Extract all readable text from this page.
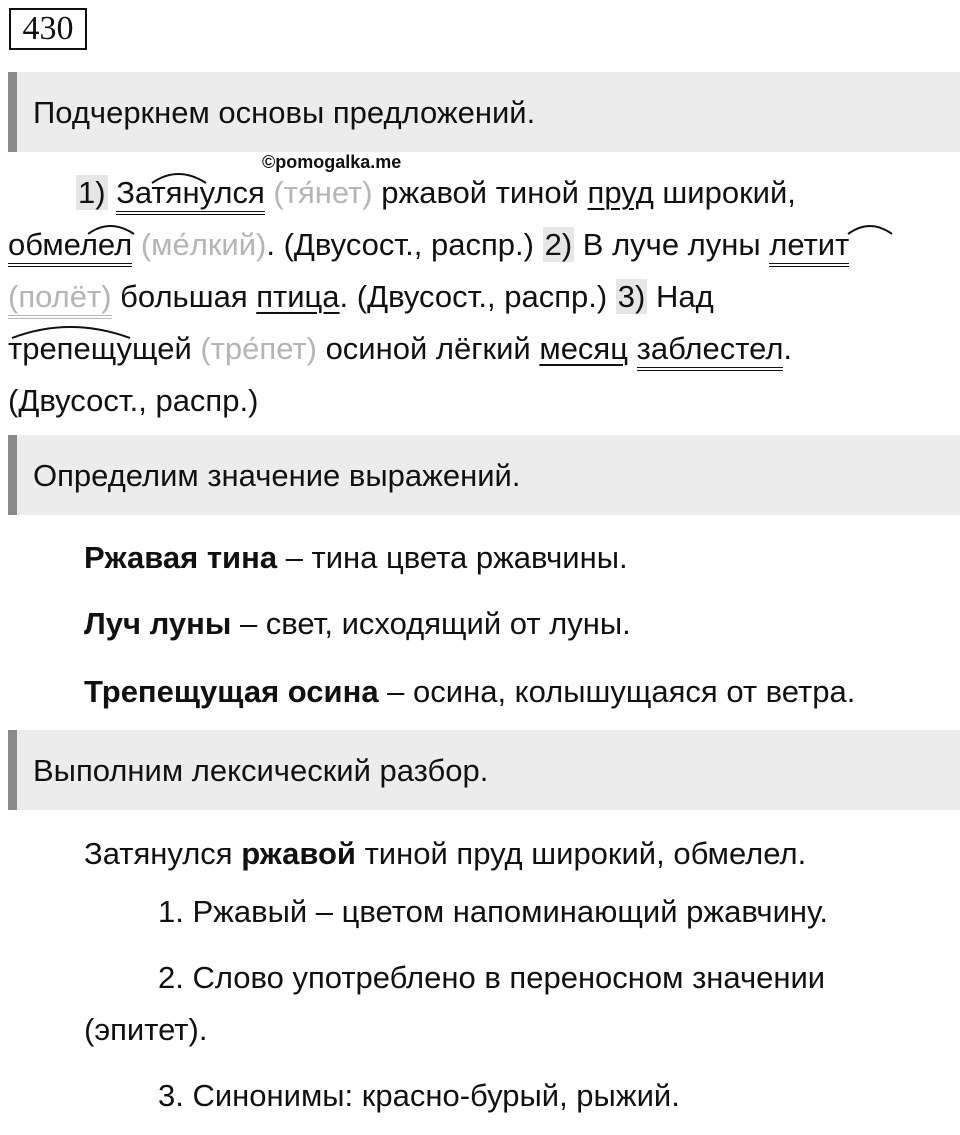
430
Подчеркнем основы предложений.
©pomogalka.me
1) Затянулся (тя́нет) ржавой тиной пруд широкий,
обмелел (ме́лкий). (Двусост., распр.) 2) В луче луны летит
(полёт) большая птица. (Двусост., распр.) 3) Над
трепещущей (тре́пет) осиной лёгкий месяц заблестел.
(Двусост., распр.)
Определим значение выражений.
Ржавая тина – тина цвета ржавчины.
Луч луны – свет, исходящий от луны.
Трепещущая осина – осина, колышущаяся от ветра.
Выполним лексический разбор.
Затянулся ржавой тиной пруд широкий, обмелел.
1. Ржавый – цветом напоминающий ржавчину.
2. Слово употреблено в переносном значении
(эпитет).
3. Синонимы: красно-бурый, рыжий.
